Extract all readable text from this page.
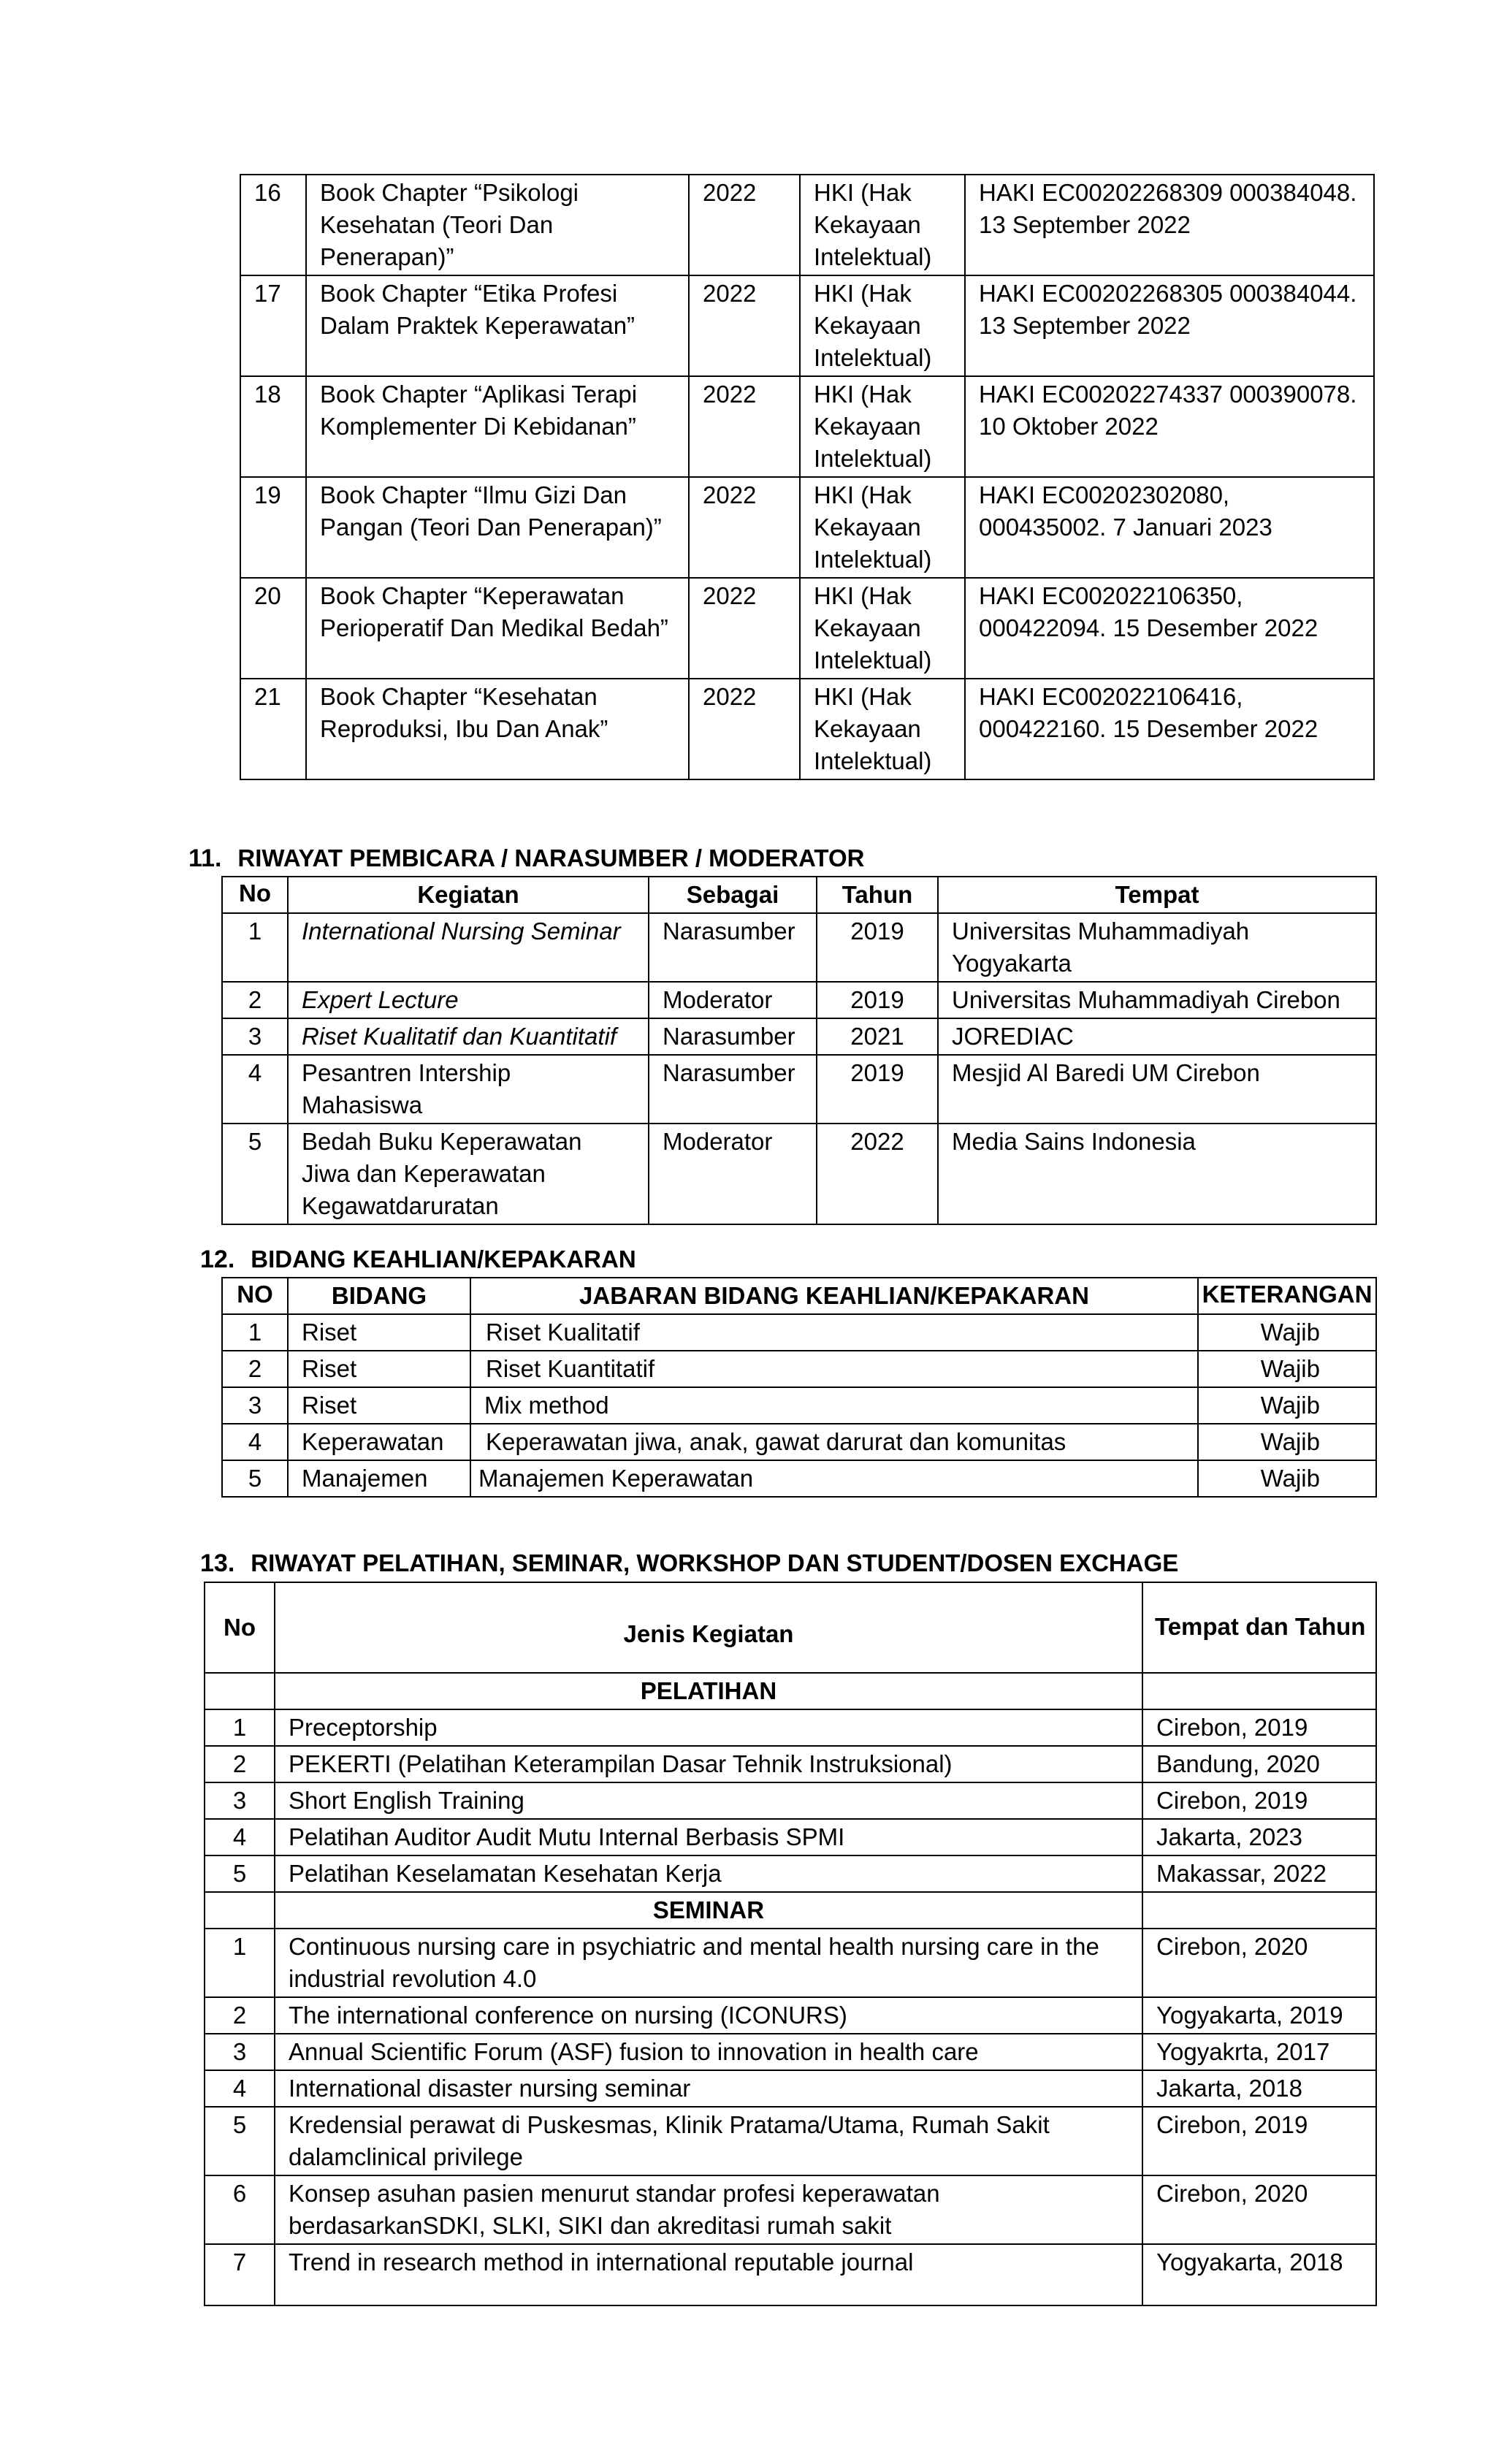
16	Book Chapter “Psikologi Kesehatan (Teori Dan Penerapan)”	2022	HKI (Hak Kekayaan Intelektual)	HAKI EC00202268309 000384048. 13 September 2022
17	Book Chapter “Etika Profesi Dalam Praktek Keperawatan”	2022	HKI (Hak Kekayaan Intelektual)	HAKI EC00202268305 000384044. 13 September 2022
18	Book Chapter “Aplikasi Terapi Komplementer Di Kebidanan”	2022	HKI (Hak Kekayaan Intelektual)	HAKI EC00202274337 000390078. 10 Oktober 2022
19	Book Chapter “Ilmu Gizi Dan Pangan (Teori Dan Penerapan)”	2022	HKI (Hak Kekayaan Intelektual)	HAKI EC00202302080, 000435002. 7 Januari 2023
20	Book Chapter “Keperawatan Perioperatif Dan Medikal Bedah”	2022	HKI (Hak Kekayaan Intelektual)	HAKI EC002022106350, 000422094. 15 Desember 2022
21	Book Chapter “Kesehatan Reproduksi, Ibu Dan Anak”	2022	HKI (Hak Kekayaan Intelektual)	HAKI EC002022106416, 000422160. 15 Desember 2022
11. RIWAYAT PEMBICARA / NARASUMBER / MODERATOR
No	Kegiatan	Sebagai	Tahun	Tempat
1	International Nursing Seminar	Narasumber	2019	Universitas Muhammadiyah Yogyakarta
2	Expert Lecture	Moderator	2019	Universitas Muhammadiyah Cirebon
3	Riset Kualitatif dan Kuantitatif	Narasumber	2021	JOREDIAC
4	Pesantren Intership Mahasiswa	Narasumber	2019	Mesjid Al Baredi UM Cirebon
5	Bedah Buku Keperawatan Jiwa dan Keperawatan Kegawatdaruratan	Moderator	2022	Media Sains Indonesia
12. BIDANG KEAHLIAN/KEPAKARAN
NO	BIDANG	JABARAN BIDANG KEAHLIAN/KEPAKARAN	KETERANGAN
1	Riset	Riset Kualitatif	Wajib
2	Riset	Riset Kuantitatif	Wajib
3	Riset	Mix method	Wajib
4	Keperawatan	Keperawatan jiwa, anak, gawat darurat dan komunitas	Wajib
5	Manajemen	Manajemen Keperawatan	Wajib
13. RIWAYAT PELATIHAN, SEMINAR, WORKSHOP DAN STUDENT/DOSEN EXCHAGE
No	Jenis Kegiatan	Tempat dan Tahun
	PELATIHAN	
1	Preceptorship	Cirebon, 2019
2	PEKERTI (Pelatihan Keterampilan Dasar Tehnik Instruksional)	Bandung, 2020
3	Short English Training	Cirebon, 2019
4	Pelatihan Auditor Audit Mutu Internal Berbasis SPMI	Jakarta, 2023
5	Pelatihan Keselamatan Kesehatan Kerja	Makassar, 2022
	SEMINAR	
1	Continuous nursing care in psychiatric and mental health nursing care in the industrial revolution 4.0	Cirebon, 2020
2	The international conference on nursing (ICONURS)	Yogyakarta, 2019
3	Annual Scientific Forum (ASF) fusion to innovation in health care	Yogyakrta, 2017
4	International disaster nursing seminar	Jakarta, 2018
5	Kredensial perawat di Puskesmas, Klinik Pratama/Utama, Rumah Sakit dalamclinical privilege	Cirebon, 2019
6	Konsep asuhan pasien menurut standar profesi keperawatan berdasarkanSDKI, SLKI, SIKI dan akreditasi rumah sakit	Cirebon, 2020
7	Trend in research method in international reputable journal	Yogyakarta, 2018
